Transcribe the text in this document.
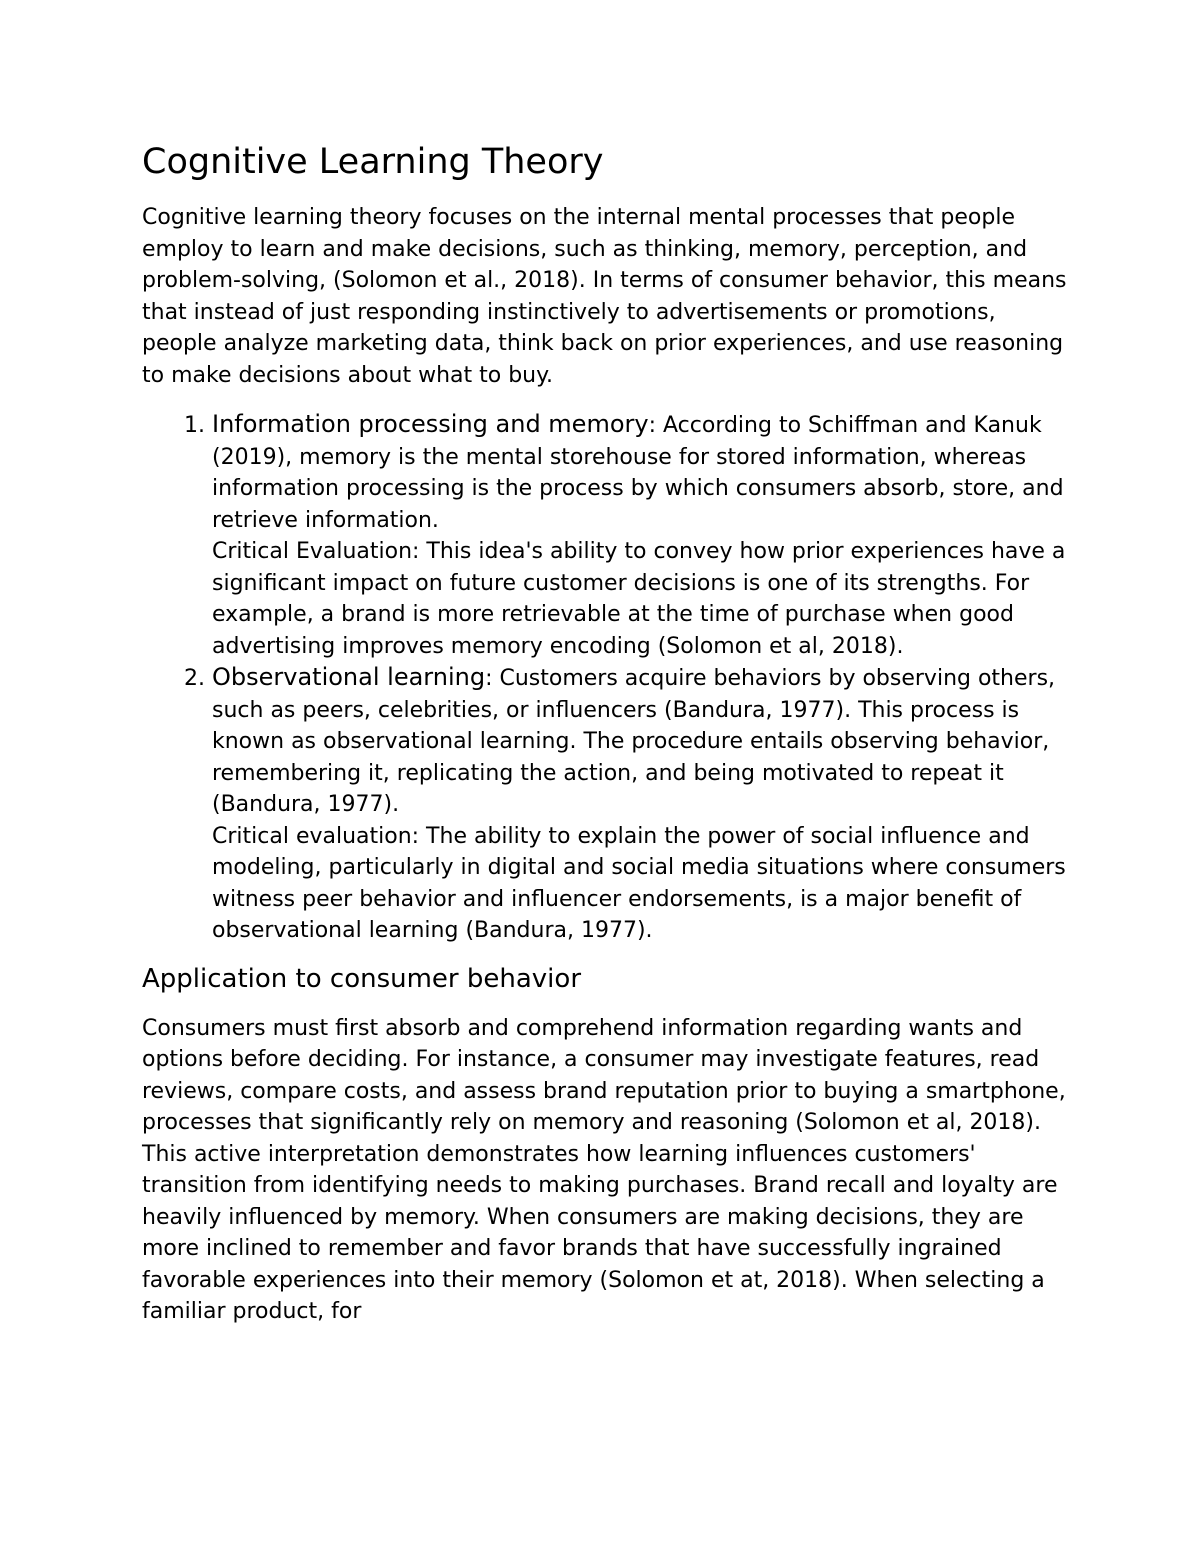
Cognitive Learning Theory

Cognitive learning theory focuses on the internal mental processes that people employ to learn and make decisions, such as thinking, memory, perception, and problem-solving, (Solomon et al., 2018). In terms of consumer behavior, this means that instead of just responding instinctively to advertisements or promotions, people analyze marketing data, think back on prior experiences, and use reasoning to make decisions about what to buy.

1. Information processing and memory: According to Schiffman and Kanuk (2019), memory is the mental storehouse for stored information, whereas information processing is the process by which consumers absorb, store, and retrieve information.
Critical Evaluation: This idea's ability to convey how prior experiences have a significant impact on future customer decisions is one of its strengths. For example, a brand is more retrievable at the time of purchase when good advertising improves memory encoding (Solomon et al, 2018).
2. Observational learning: Customers acquire behaviors by observing others, such as peers, celebrities, or influencers (Bandura, 1977). This process is known as observational learning. The procedure entails observing behavior, remembering it, replicating the action, and being motivated to repeat it (Bandura, 1977).
Critical evaluation: The ability to explain the power of social influence and modeling, particularly in digital and social media situations where consumers witness peer behavior and influencer endorsements, is a major benefit of observational learning (Bandura, 1977).
Application to consumer behavior

Consumers must first absorb and comprehend information regarding wants and options before deciding. For instance, a consumer may investigate features, read reviews, compare costs, and assess brand reputation prior to buying a smartphone, processes that significantly rely on memory and reasoning (Solomon et al, 2018). This active interpretation demonstrates how learning influences customers' transition from identifying needs to making purchases. Brand recall and loyalty are heavily influenced by memory. When consumers are making decisions, they are more inclined to remember and favor brands that have successfully ingrained favorable experiences into their memory (Solomon et at, 2018). When selecting a familiar product, for
